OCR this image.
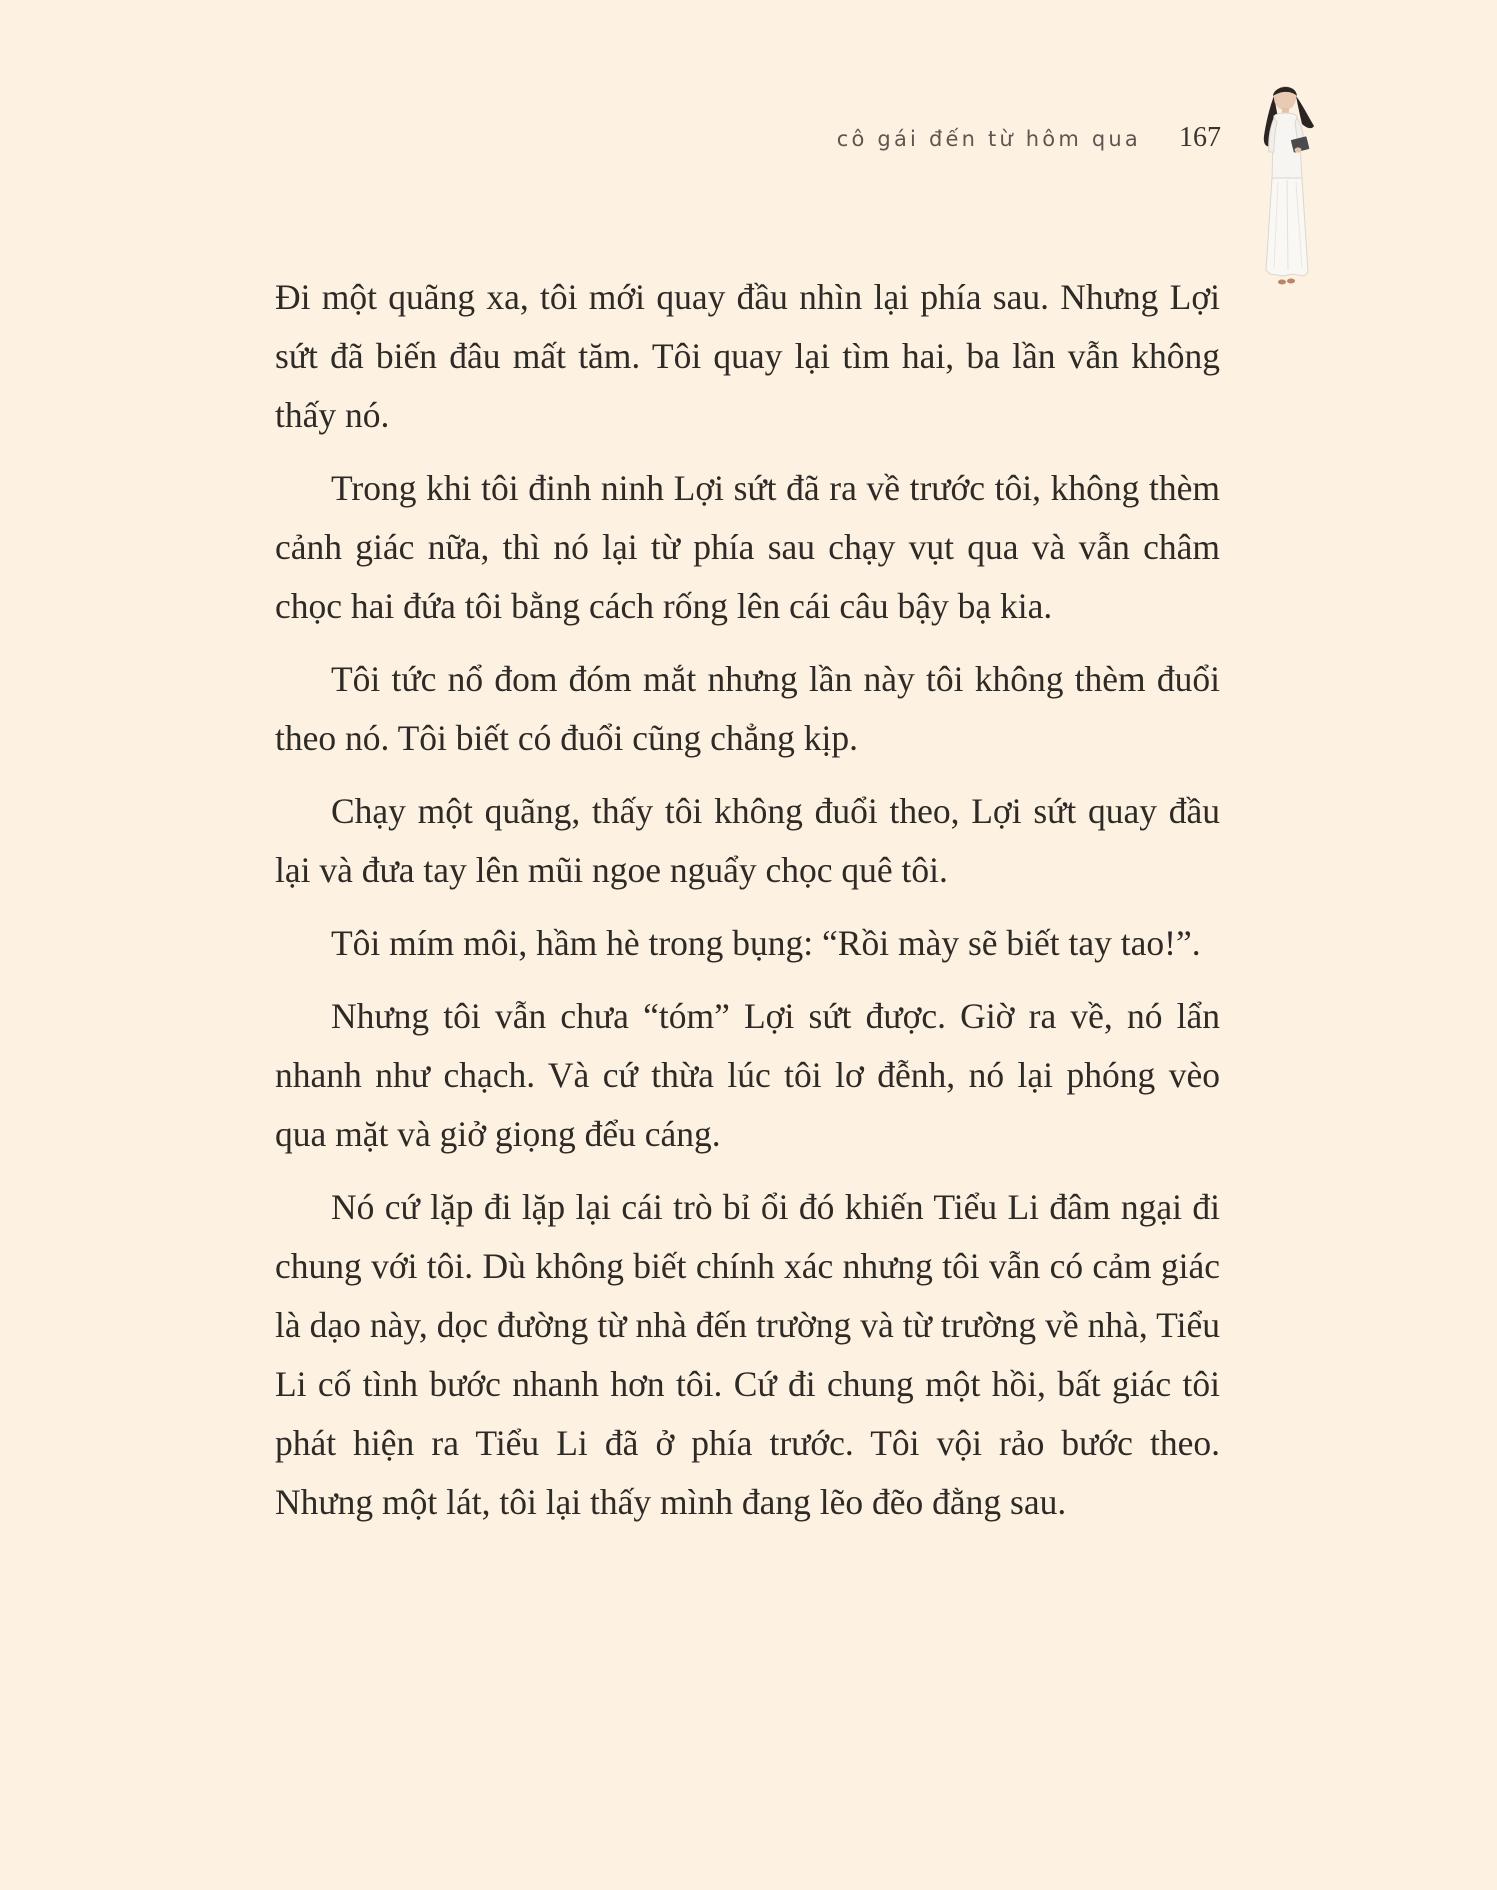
cô gái đến từ hôm qua 167

Đi một quãng xa, tôi mới quay đầu nhìn lại phía sau. Nhưng Lợi sứt đã biến đâu mất tăm. Tôi quay lại tìm hai, ba lần vẫn không thấy nó.

Trong khi tôi đinh ninh Lợi sứt đã ra về trước tôi, không thèm cảnh giác nữa, thì nó lại từ phía sau chạy vụt qua và vẫn châm chọc hai đứa tôi bằng cách rống lên cái câu bậy bạ kia.

Tôi tức nổ đom đóm mắt nhưng lần này tôi không thèm đuổi theo nó. Tôi biết có đuổi cũng chẳng kịp.

Chạy một quãng, thấy tôi không đuổi theo, Lợi sứt quay đầu lại và đưa tay lên mũi ngoe nguẩy chọc quê tôi.

Tôi mím môi, hầm hè trong bụng: “Rồi mày sẽ biết tay tao!”.

Nhưng tôi vẫn chưa “tóm” Lợi sứt được. Giờ ra về, nó lẩn nhanh như chạch. Và cứ thừa lúc tôi lơ đễnh, nó lại phóng vèo qua mặt và giở giọng đểu cáng.

Nó cứ lặp đi lặp lại cái trò bỉ ổi đó khiến Tiểu Li đâm ngại đi chung với tôi. Dù không biết chính xác nhưng tôi vẫn có cảm giác là dạo này, dọc đường từ nhà đến trường và từ trường về nhà, Tiểu Li cố tình bước nhanh hơn tôi. Cứ đi chung một hồi, bất giác tôi phát hiện ra Tiểu Li đã ở phía trước. Tôi vội rảo bước theo. Nhưng một lát, tôi lại thấy mình đang lẽo đẽo đằng sau.
